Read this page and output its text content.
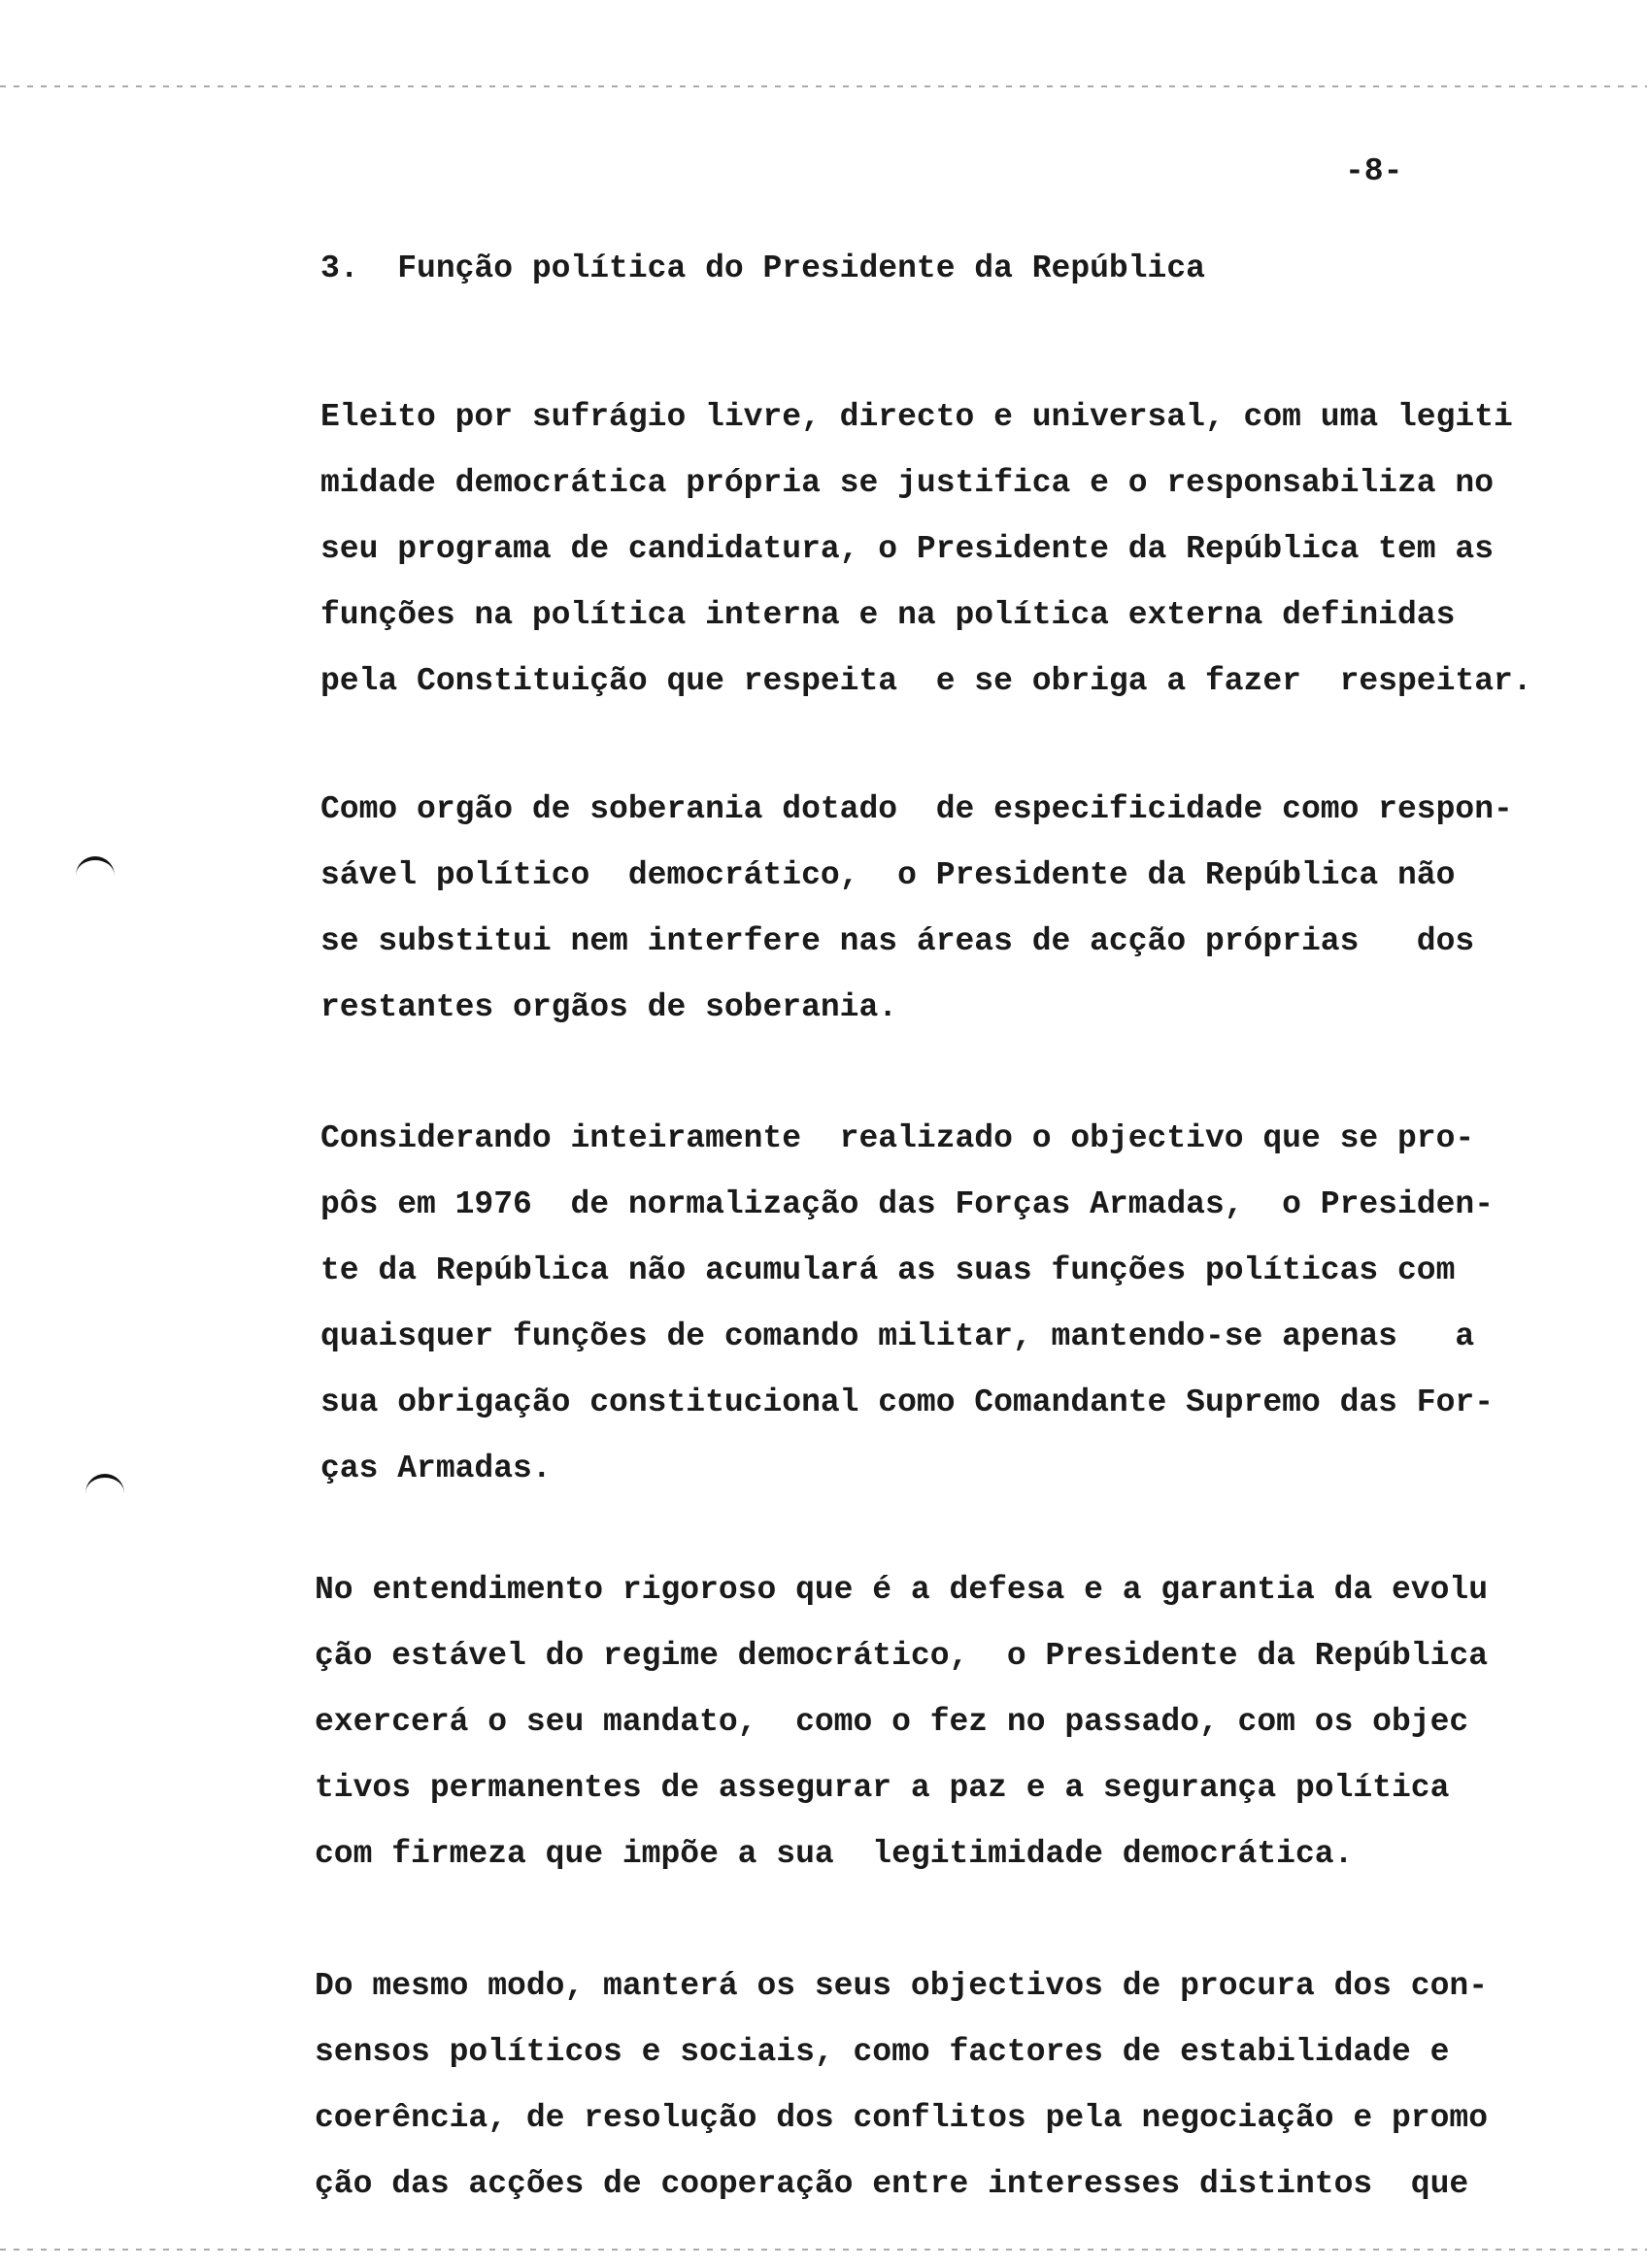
-8-
3.  Função política do Presidente da República
Eleito por sufrágio livre, directo e universal, com uma legiti
midade democrática própria se justifica e o responsabiliza no
seu programa de candidatura, o Presidente da República tem as
funções na política interna e na política externa definidas
pela Constituição que respeita  e se obriga a fazer  respeitar.
Como orgão de soberania dotado  de especificidade como respon-
sável político  democrático,  o Presidente da República não
se substitui nem interfere nas áreas de acção próprias   dos
restantes orgãos de soberania.
Considerando inteiramente  realizado o objectivo que se pro-
pôs em 1976  de normalização das Forças Armadas,  o Presiden-
te da República não acumulará as suas funções políticas com
quaisquer funções de comando militar, mantendo-se apenas   a
sua obrigação constitucional como Comandante Supremo das For-
ças Armadas.
No entendimento rigoroso que é a defesa e a garantia da evolu
ção estável do regime democrático,  o Presidente da República
exercerá o seu mandato,  como o fez no passado, com os objec
tivos permanentes de assegurar a paz e a segurança política
com firmeza que impõe a sua  legitimidade democrática.
Do mesmo modo, manterá os seus objectivos de procura dos con-
sensos políticos e sociais, como factores de estabilidade e
coerência, de resolução dos conflitos pela negociação e promo
ção das acções de cooperação entre interesses distintos  que
